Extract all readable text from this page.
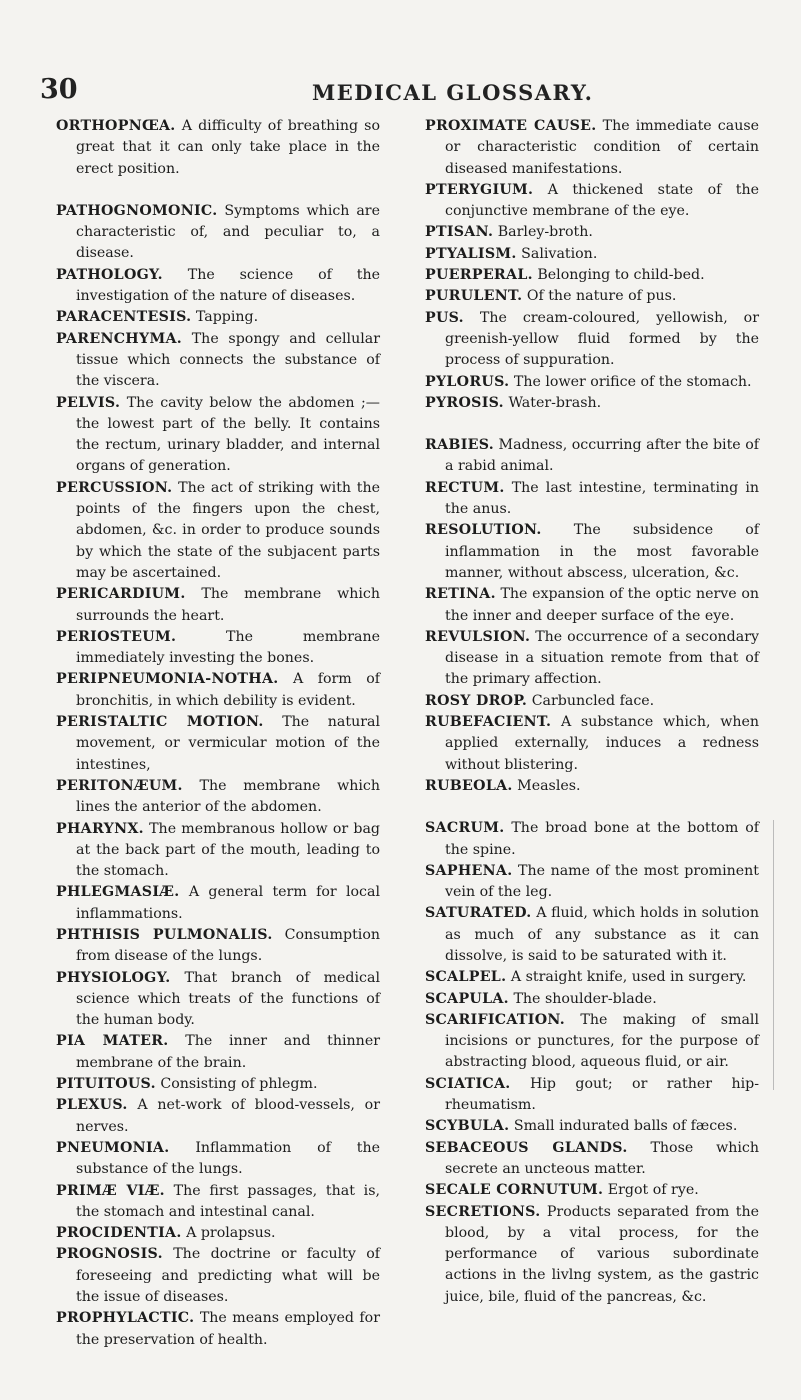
30	MEDICAL GLOSSARY.

ORTHOPNŒA. A difficulty of breathing so great that it can only take place in the erect position.

PATHOGNOMONIC. Symptoms which are characteristic of, and peculiar to, a disease.

PATHOLOGY. The science of the investigation of the nature of diseases.

PARACENTESIS. Tapping.

PARENCHYMA. The spongy and cellular tissue which connects the substance of the viscera.

PELVIS. The cavity below the abdomen ;— the lowest part of the belly. It contains the rectum, urinary bladder, and internal organs of generation.

PERCUSSION. The act of striking with the points of the fingers upon the chest, abdomen, &c. in order to produce sounds by which the state of the subjacent parts may be ascertained.

PERICARDIUM. The membrane which surrounds the heart.

PERIOSTEUM.	The membrane immediately investing the bones.

PERIPNEUMONIA-NOTHA. A form of bronchitis, in which debility is evident.

PERISTALTIC MOTION. The natural movement, or vermicular motion of the intestines,

PERITONÆUM. The membrane which lines the anterior of the abdomen.

PHARYNX. The membranous hollow or bag at the back part of the mouth, leading to the stomach.

PHLEGMASIÆ. A general term for local inflammations.

PHTHISIS PULMONALIS. Consumption from disease of the lungs.

PHYSIOLOGY. That branch of medical science which treats of the functions of the human body.

PIA MATER. The inner and thinner membrane of the brain.

PITUITOUS. Consisting of phlegm.

PLEXUS. A net-work of blood-vessels, or nerves.

PNEUMONIA. Inflammation of the substance of the lungs.

PRIMÆ VIÆ. The first passages, that is, the stomach and intestinal canal.

PROCIDENTIA. A prolapsus.

PROGNOSIS. The doctrine or faculty of foreseeing and predicting what will be the issue of diseases.

PROPHYLACTIC. The means employed for the preservation of health.

PROXIMATE CAUSE. The immediate cause or characteristic condition of certain diseased manifestations.

PTERYGIUM. A thickened state of the conjunctive membrane of the eye.

PTISAN. Barley-broth.

PTYALISM. Salivation.

PUERPERAL. Belonging to child-bed.

PURULENT. Of the nature of pus.

PUS. The cream-coloured, yellowish, or greenish-yellow fluid formed by the process of suppuration.

PYLORUS. The lower orifice of the stomach.

PYROSIS. Water-brash.

RABIES. Madness, occurring after the bite of a rabid animal.

RECTUM. The last intestine, terminating in the anus.

RESOLUTION. The subsidence of inflammation in the most favorable manner, without abscess, ulceration, &c.

RETINA. The expansion of the optic nerve on the inner and deeper surface of the eye.

REVULSION. The occurrence of a secondary disease in a situation remote from that of the primary affection.

ROSY DROP. Carbuncled face.

RUBEFACIENT. A substance which, when applied externally, induces a redness without blistering.

RUBEOLA. Measles.

SACRUM. The broad bone at the bottom of the spine.

SAPHENA. The name of the most prominent vein of the leg.

SATURATED. A fluid, which holds in solution as much of any substance as it can dissolve, is said to be saturated with it.

SCALPEL. A straight knife, used in surgery.

SCAPULA. The shoulder-blade.

SCARIFICATION. The making of small incisions or punctures, for the purpose of abstracting blood, aqueous fluid, or air.

SCIATICA. Hip gout; or rather hip-rheumatism.

SCYBULA. Small indurated balls of fæces.

SEBACEOUS GLANDS. Those which secrete an uncteous matter.

SECALE CORNUTUM. Ergot of rye.

SECRETIONS. Products separated from the blood, by a vital process, for the performance of various subordinate actions in the livlng system, as the gastric juice, bile, fluid of the pancreas, &c.
